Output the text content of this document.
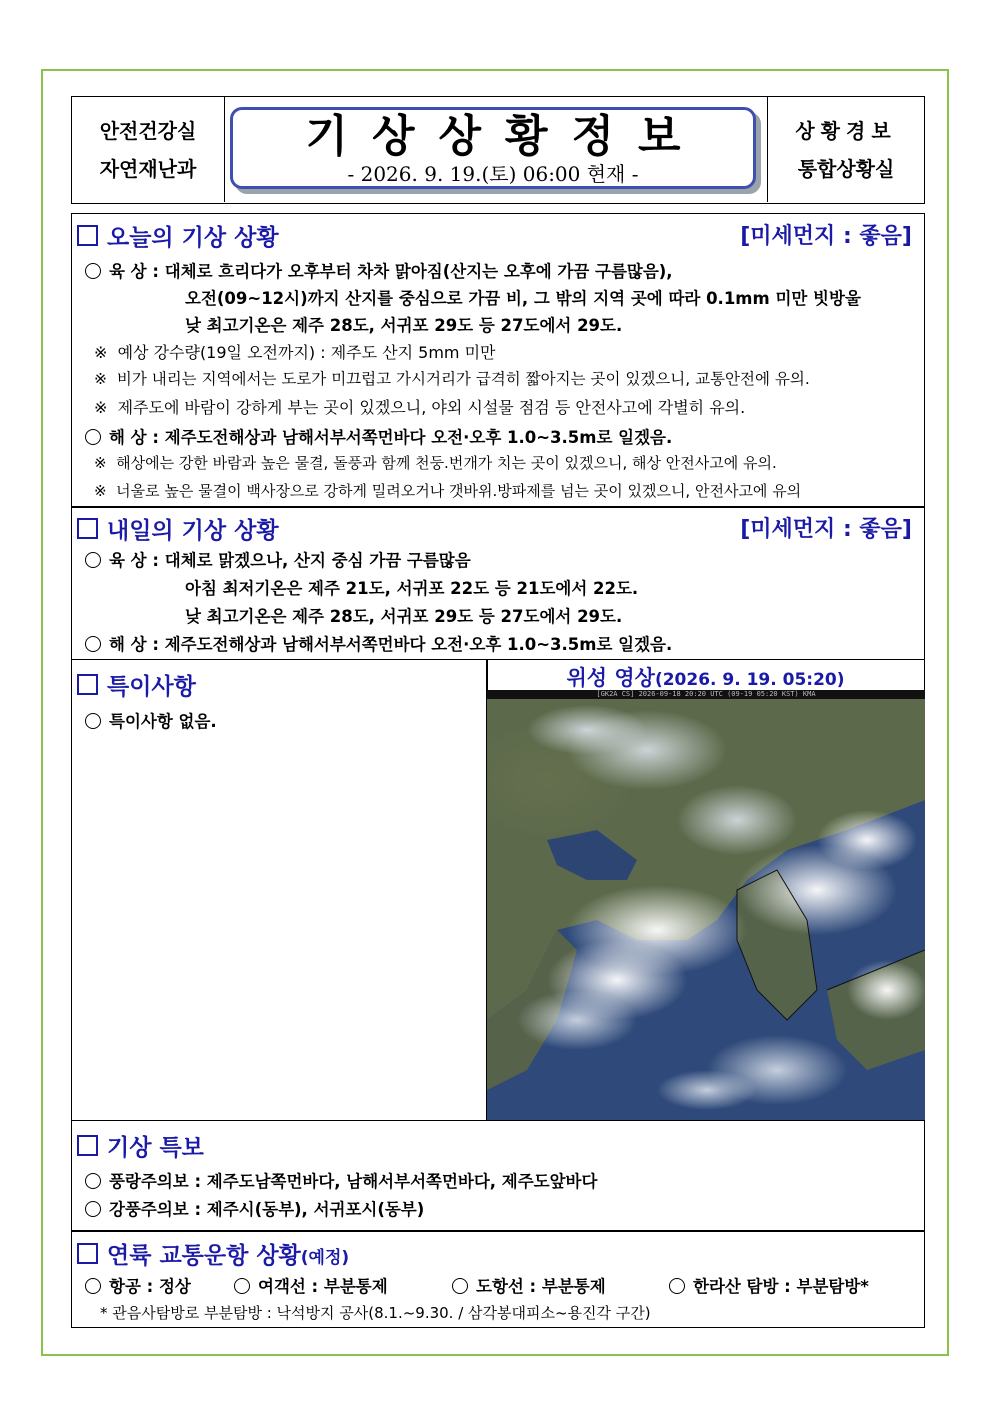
안전건강실
자연재난과
기상상황정보
- 2026. 9. 19.(토) 06:00 현재 -
상황경보
통합상황실
오늘의 기상 상황	[미세먼지 : 좋음]
육 상 : 대체로 흐리다가 오후부터 차차 맑아짐(산지는 오후에 가끔 구름많음),
오전(09~12시)까지 산지를 중심으로 가끔 비, 그 밖의 지역 곳에 따라 0.1mm 미만 빗방울
낮 최고기온은 제주 28도, 서귀포 29도 등 27도에서 29도.
※  예상 강수량(19일 오전까지) : 제주도 산지 5mm 미만
※  비가 내리는 지역에서는 도로가 미끄럽고 가시거리가 급격히 짧아지는 곳이 있겠으니, 교통안전에 유의.
※  제주도에 바람이 강하게 부는 곳이 있겠으니, 야외 시설물 점검 등 안전사고에 각별히 유의.
해 상 : 제주도전해상과 남해서부서쪽먼바다 오전·오후 1.0~3.5m로 일겠음.
※  해상에는 강한 바람과 높은 물결, 돌풍과 함께 천둥.번개가 치는 곳이 있겠으니, 해상 안전사고에 유의.
※  너울로 높은 물결이 백사장으로 강하게 밀려오거나 갯바위.방파제를 넘는 곳이 있겠으니, 안전사고에 유의
내일의 기상 상황	[미세먼지 : 좋음]
육 상 : 대체로 맑겠으나, 산지 중심 가끔 구름많음
아침 최저기온은 제주 21도, 서귀포 22도 등 21도에서 22도.
낮 최고기온은 제주 28도, 서귀포 29도 등 27도에서 29도.
해 상 : 제주도전해상과 남해서부서쪽먼바다 오전·오후 1.0~3.5m로 일겠음.
특이사항
특이사항 없음.
위성 영상(2026. 9. 19. 05:20)
[GK2A CS] 2026-09-18 20:20 UTC (09-19 05:20 KST) KMA
기상 특보
풍랑주의보 : 제주도남쪽먼바다, 남해서부서쪽먼바다, 제주도앞바다
강풍주의보 : 제주시(동부), 서귀포시(동부)
연륙 교통운항 상황(예정)
항공 : 정상	여객선 : 부분통제	도항선 : 부분통제	한라산 탐방 : 부분탐방*
* 관음사탐방로 부분탐방 : 낙석방지 공사(8.1.~9.30. / 삼각봉대피소~용진각 구간)
